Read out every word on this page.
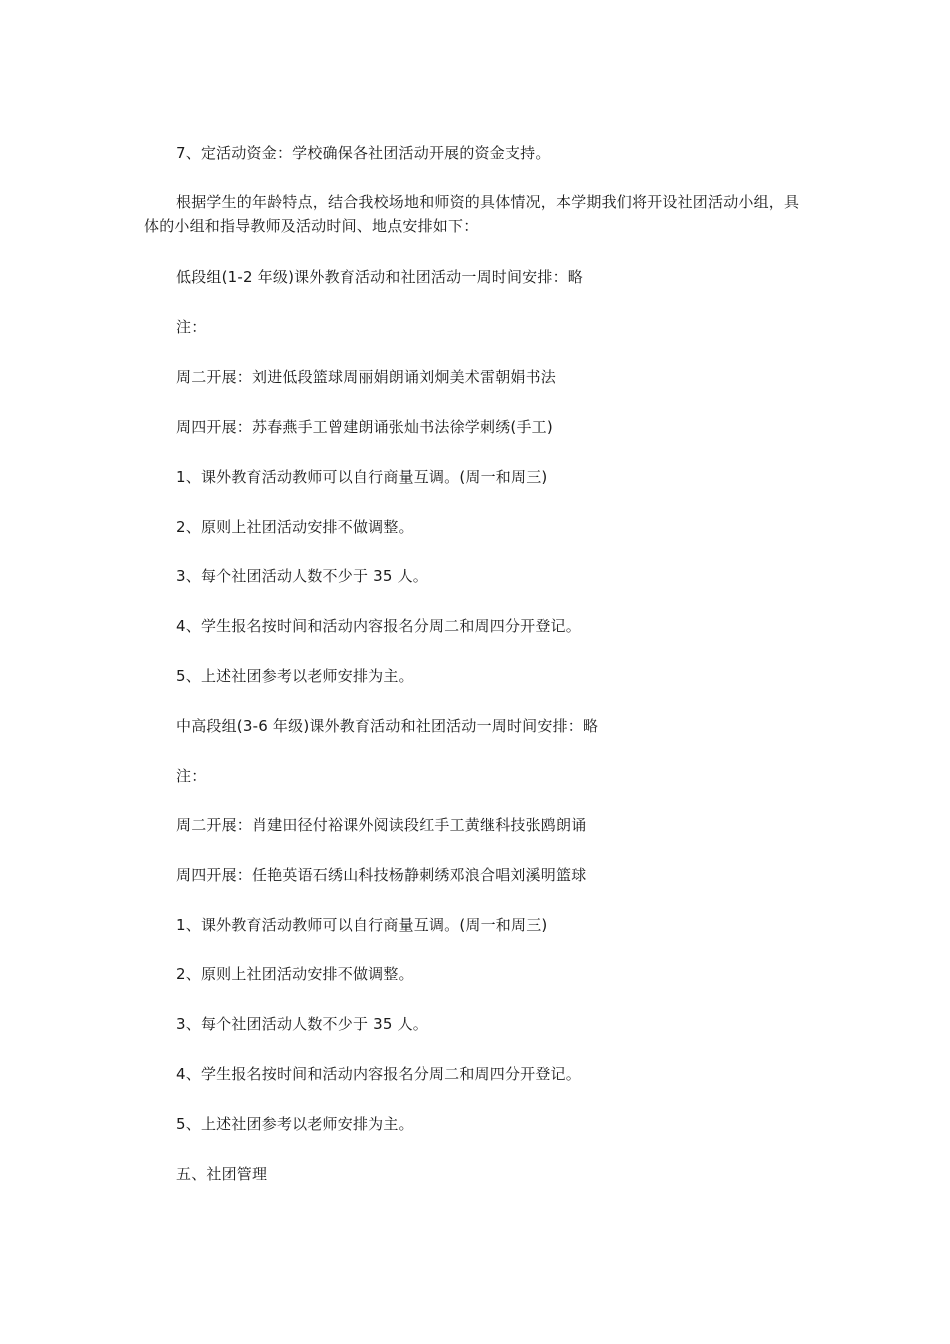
7、定活动资金：学校确保各社团活动开展的资金支持。

根据学生的年龄特点，结合我校场地和师资的具体情况，本学期我们将开设社团活动小组，具体的小组和指导教师及活动时间、地点安排如下：

低段组(1-2 年级)课外教育活动和社团活动一周时间安排：略

注：

周二开展：刘进低段篮球周丽娟朗诵刘炯美术雷朝娟书法

周四开展：苏春燕手工曾建朗诵张灿书法徐学刺绣(手工)

1、课外教育活动教师可以自行商量互调。(周一和周三)

2、原则上社团活动安排不做调整。

3、每个社团活动人数不少于 35 人。

4、学生报名按时间和活动内容报名分周二和周四分开登记。

5、上述社团参考以老师安排为主。

中高段组(3-6 年级)课外教育活动和社团活动一周时间安排：略

注：

周二开展：肖建田径付裕课外阅读段红手工黄继科技张鸥朗诵

周四开展：任艳英语石绣山科技杨静刺绣邓浪合唱刘溪明篮球

1、课外教育活动教师可以自行商量互调。(周一和周三)

2、原则上社团活动安排不做调整。

3、每个社团活动人数不少于 35 人。

4、学生报名按时间和活动内容报名分周二和周四分开登记。

5、上述社团参考以老师安排为主。

五、社团管理
